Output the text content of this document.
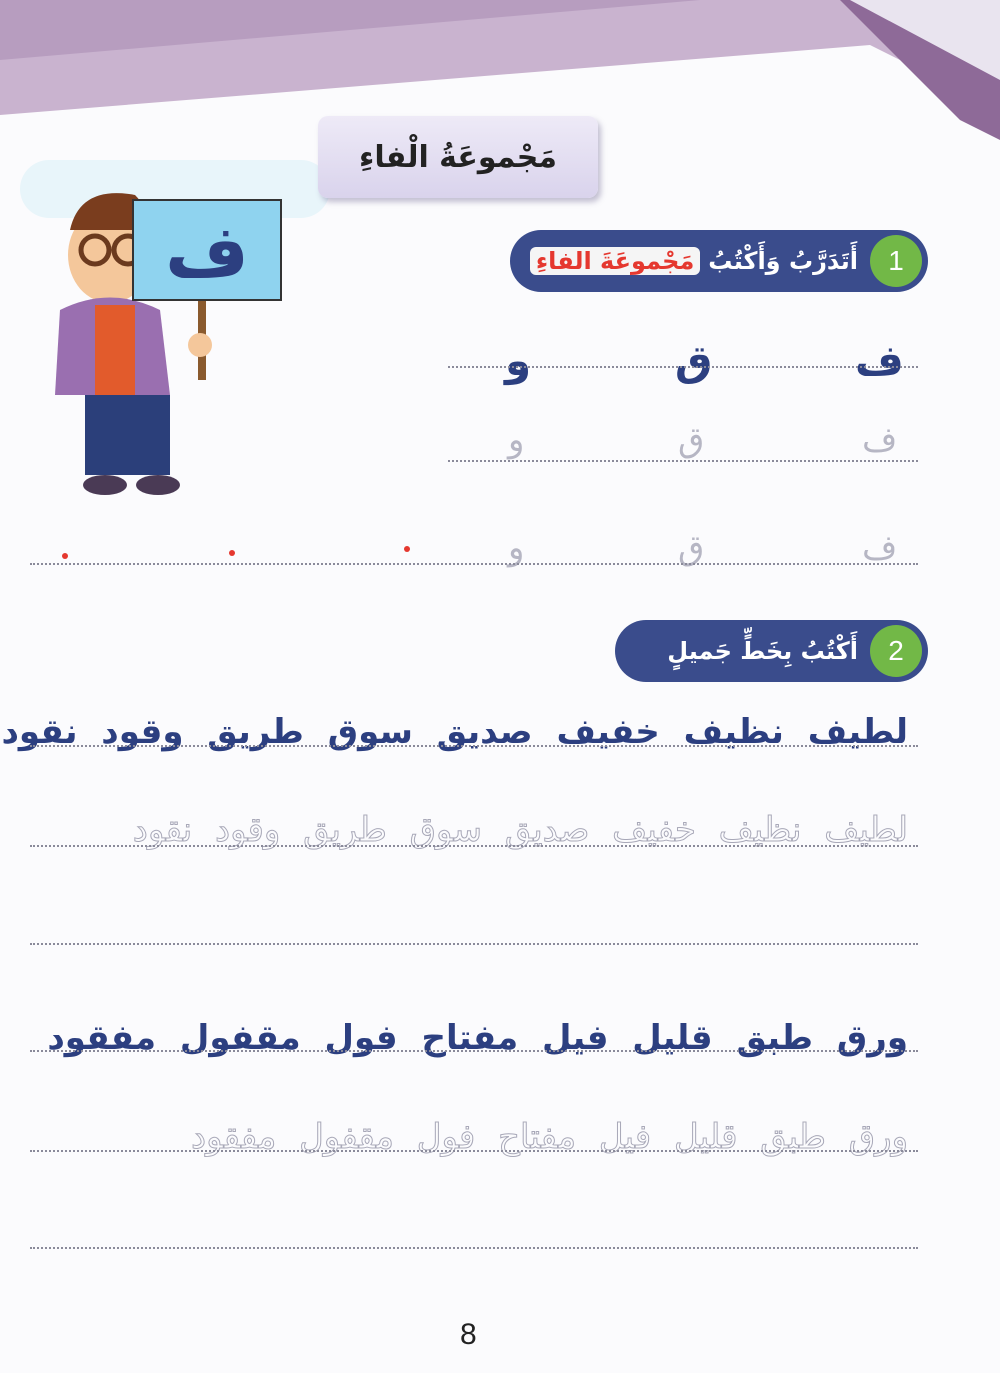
مَجْموعَةُ الْفاءِ
ف	1
أَتَدَرَّبُ وَأَكْتُبُ
مَجْموعَةَ الفاءِ
ف
ق
و
ف
ق
و
ف
ق
و
2
أَكْتُبُ بِخَطٍّ جَميلٍ
لطيف نظيف خفيف صديق سوق طريق وقود نقود
لطيف نظيف خفيف صديق سوق طريق وقود نقود
ورق طبق قليل فيل مفتاح فول مقفول مفقود
ورق طبق قليل فيل مفتاح فول مقفول مفقود
8
